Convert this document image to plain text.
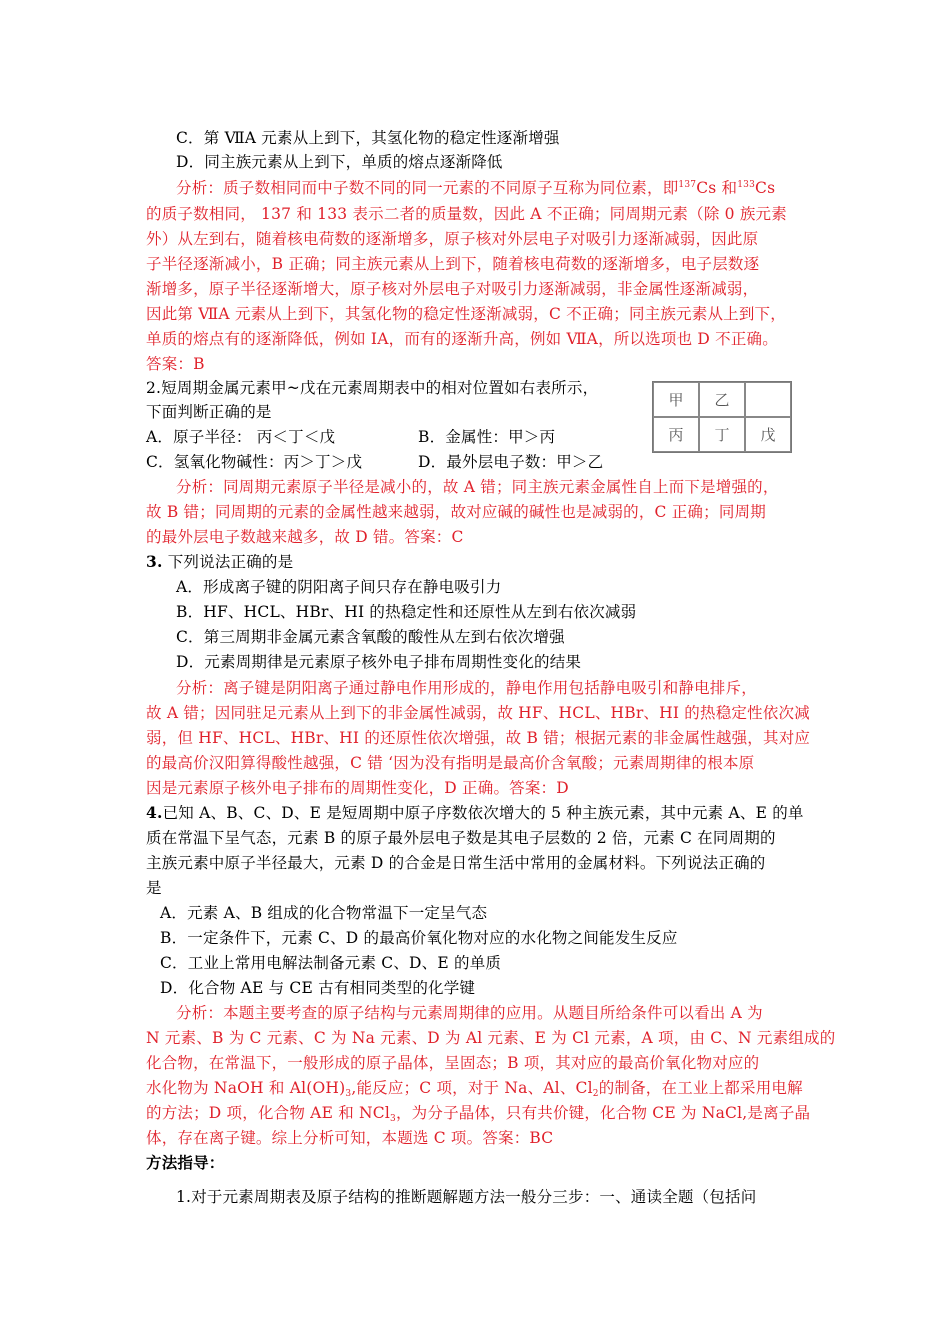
C．第 ⅦA 元素从上到下，其氢化物的稳定性逐渐增强
D．同主族元素从上到下，单质的熔点逐渐降低
分析：质子数相同而中子数不同的同一元素的不同原子互称为同位素，即$^{137}$Cs 和$^{133}$Cs
的质子数相同， 137 和 133 表示二者的质量数，因此 A 不正确；同周期元素（除 0 族元素
外）从左到右，随着核电荷数的逐渐增多，原子核对外层电子对吸引力逐渐减弱，因此原
子半径逐渐减小，B 正确；同主族元素从上到下，随着核电荷数的逐渐增多，电子层数逐
渐增多，原子半径逐渐增大，原子核对外层电子对吸引力逐渐减弱，非金属性逐渐减弱，
因此第 ⅦA 元素从上到下，其氢化物的稳定性逐渐减弱，C 不正确；同主族元素从上到下，
单质的熔点有的逐渐降低，例如 IA，而有的逐渐升高，例如 ⅦA，所以选项也 D 不正确。
答案：B
2.短周期金属元素甲~戊在元素周期表中的相对位置如右表所示，
下面判断正确的是
A．原子半径： 丙＜丁＜戊	B．金属性：甲＞丙
C．氢氧化物碱性：丙＞丁＞戊	D．最外层电子数：甲＞乙
甲	乙
丙	丁	戊
分析：同周期元素原子半径是减小的，故 A 错；同主族元素金属性自上而下是增强的，
故 B 错；同周期的元素的金属性越来越弱，故对应碱的碱性也是减弱的，C 正确；同周期
的最外层电子数越来越多，故 D 错。答案：C
3. 下列说法正确的是
A．形成离子键的阴阳离子间只存在静电吸引力
B．HF、HCL、HBr、HI 的热稳定性和还原性从左到右依次减弱
C．第三周期非金属元素含氧酸的酸性从左到右依次增强
D．元素周期律是元素原子核外电子排布周期性变化的结果
分析：离子键是阴阳离子通过静电作用形成的，静电作用包括静电吸引和静电排斥，
故 A 错；因同驻足元素从上到下的非金属性减弱，故 HF、HCL、HBr、HI 的热稳定性依次减
弱，但 HF、HCL、HBr、HI 的还原性依次增强，故 B 错；根据元素的非金属性越强，其对应
的最高价汉阳算得酸性越强，C 错 ‘因为没有指明是最高价含氧酸；元素周期律的根本原
因是元素原子核外电子排布的周期性变化，D 正确。答案：D
4.已知 A、B、C、D、E 是短周期中原子序数依次增大的 5 种主族元素，其中元素 A、E 的单
质在常温下呈气态，元素 B 的原子最外层电子数是其电子层数的 2 倍，元素 C 在同周期的
主族元素中原子半径最大，元素 D 的合金是日常生活中常用的金属材料。下列说法正确的
是
A．元素 A、B 组成的化合物常温下一定呈气态
B．一定条件下，元素 C、D 的最高价氧化物对应的水化物之间能发生反应
C．工业上常用电解法制备元素 C、D、E 的单质
D．化合物 AE 与 CE 古有相同类型的化学键
分析：本题主要考查的原子结构与元素周期律的应用。从题目所给条件可以看出 A 为
N 元素、B 为 C 元素、C 为 Na 元素、D 为 Al 元素、E 为 Cl 元素，A 项，由 C、N 元素组成的
化合物，在常温下，一般形成的原子晶体，呈固态；B 项，其对应的最高价氧化物对应的
水化物为 NaOH 和 $Al(OH)_3$,能反应；C 项，对于 Na、Al、$Cl_2$的制备，在工业上都采用电解
的方法；D 项，化合物 AE 和 NCl$_3$，为分子晶体，只有共价键，化合物 CE 为 NaCl,是离子晶
体，存在离子键。综上分析可知，本题选 C 项。答案：BC
方法指导：
1.对于元素周期表及原子结构的推断题解题方法一般分三步：一、通读全题（包括问
